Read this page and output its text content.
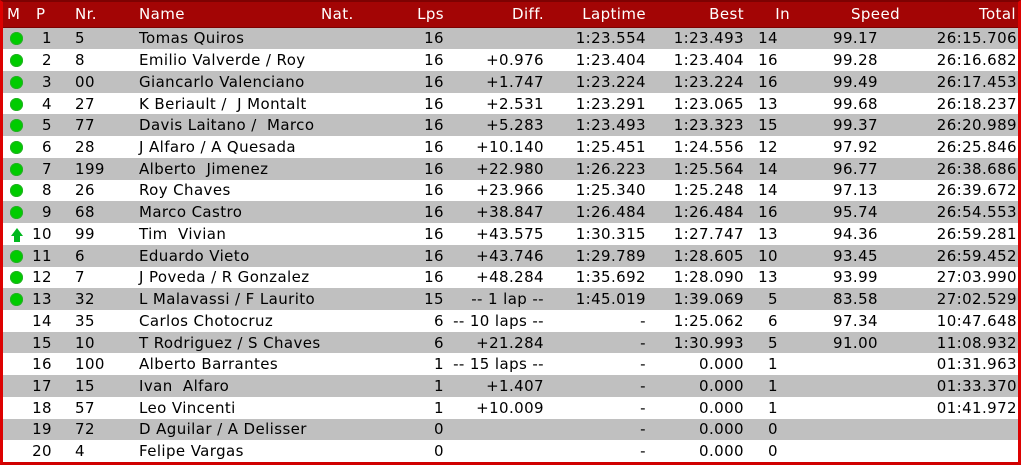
M	P	Nr.	Name	Nat.	Lps	Diff.	Laptime	Best	In	Speed	Total
	1	5	Tomas Quiros		16		1:23.554	1:23.493	14	99.17	26:15.706
	2	8	Emilio Valverde / Roy		16	+0.976	1:23.404	1:23.404	16	99.28	26:16.682
	3	00	Giancarlo Valenciano		16	+1.747	1:23.224	1:23.224	16	99.49	26:17.453
	4	27	K Beriault /  J Montalt		16	+2.531	1:23.291	1:23.065	13	99.68	26:18.237
	5	77	Davis Laitano /  Marco		16	+5.283	1:23.493	1:23.323	15	99.37	26:20.989
	6	28	J Alfaro / A Quesada		16	+10.140	1:25.451	1:24.556	12	97.92	26:25.846
	7	199	Alberto  Jimenez		16	+22.980	1:26.223	1:25.564	14	96.77	26:38.686
	8	26	Roy Chaves		16	+23.966	1:25.340	1:25.248	14	97.13	26:39.672
	9	68	Marco Castro		16	+38.847	1:26.484	1:26.484	16	95.74	26:54.553
	10	99	Tim  Vivian		16	+43.575	1:30.315	1:27.747	13	94.36	26:59.281
	11	6	Eduardo Vieto		16	+43.746	1:29.789	1:28.605	10	93.45	26:59.452
	12	7	J Poveda / R Gonzalez		16	+48.284	1:35.692	1:28.090	13	93.99	27:03.990
	13	32	L Malavassi / F Laurito		15	-- 1 lap --	1:45.019	1:39.069	5	83.58	27:02.529
	14	35	Carlos Chotocruz		6	-- 10 laps --	-	1:25.062	6	97.34	10:47.648
	15	10	T Rodriguez / S Chaves		6	+21.284	-	1:30.993	5	91.00	11:08.932
	16	100	Alberto Barrantes		1	-- 15 laps --	-	0.000	1		01:31.963
	17	15	Ivan  Alfaro		1	+1.407	-	0.000	1		01:33.370
	18	57	Leo Vincenti		1	+10.009	-	0.000	1		01:41.972
	19	72	D Aguilar / A Delisser		0		-	0.000	0		
	20	4	Felipe Vargas		0		-	0.000	0		
